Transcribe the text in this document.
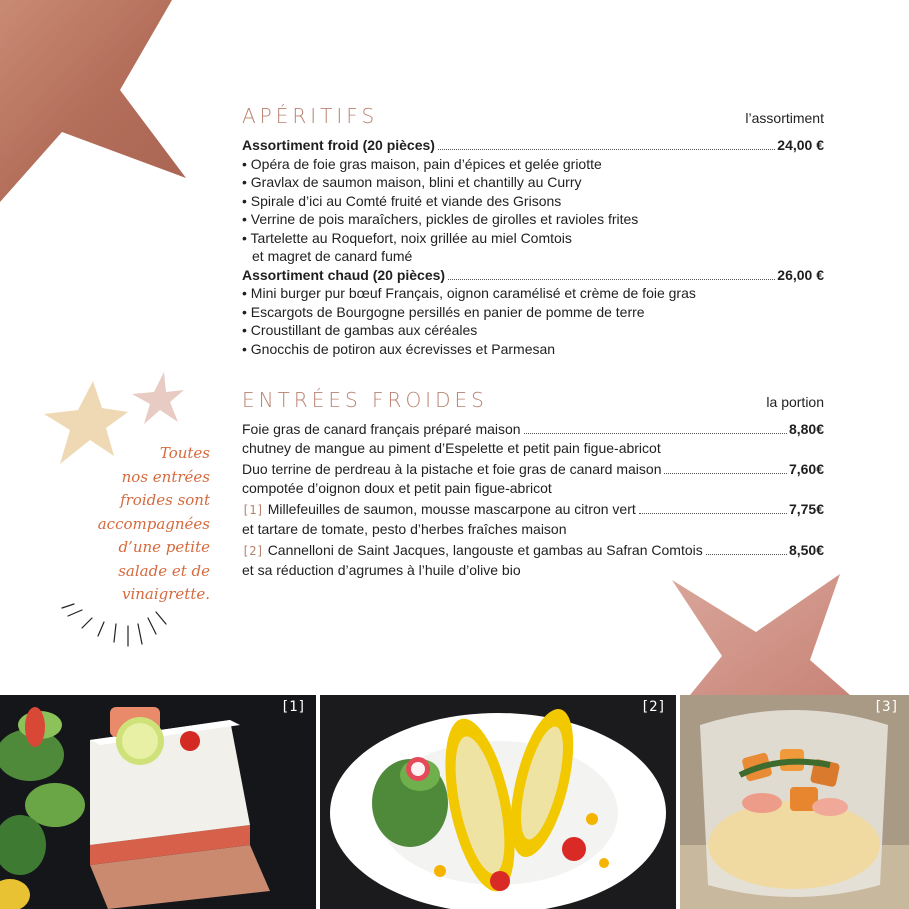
Toutes
nos entrées
froides sont
accompagnées
d’une petite
salade et de
vinaigrette.
APÉRITIFS	l’assortiment
Assortiment froid (20 pièces)	24,00 €
• Opéra de foie gras maison, pain d’épices et gelée griotte
• Gravlax de saumon maison, blini et chantilly au Curry
• Spirale d’ici au Comté fruité et viande des Grisons
• Verrine de pois maraîchers, pickles de girolles et ravioles frites
• Tartelette au Roquefort, noix grillée au miel Comtois
et magret de canard fumé
Assortiment chaud (20 pièces)	26,00 €
• Mini burger pur bœuf Français, oignon caramélisé et crème de foie gras
• Escargots de Bourgogne persillés en panier de pomme de terre
• Croustillant de gambas aux céréales
• Gnocchis de potiron aux écrevisses et Parmesan
ENTRÉES FROIDES	la portion
Foie gras de canard français préparé maison	8,80€
chutney de mangue au piment d’Espelette et petit pain figue-abricot
Duo terrine de perdreau à la pistache et foie gras de canard maison	7,60€
compotée d’oignon doux et petit pain figue-abricot
[1] Millefeuilles de saumon, mousse mascarpone au citron vert	7,75€
et tartare de tomate, pesto d’herbes fraîches maison
[2] Cannelloni de Saint Jacques, langouste et gambas au Safran Comtois	8,50€
et sa réduction d’agrumes à l’huile d’olive bio
[1]	[2]	[3]
